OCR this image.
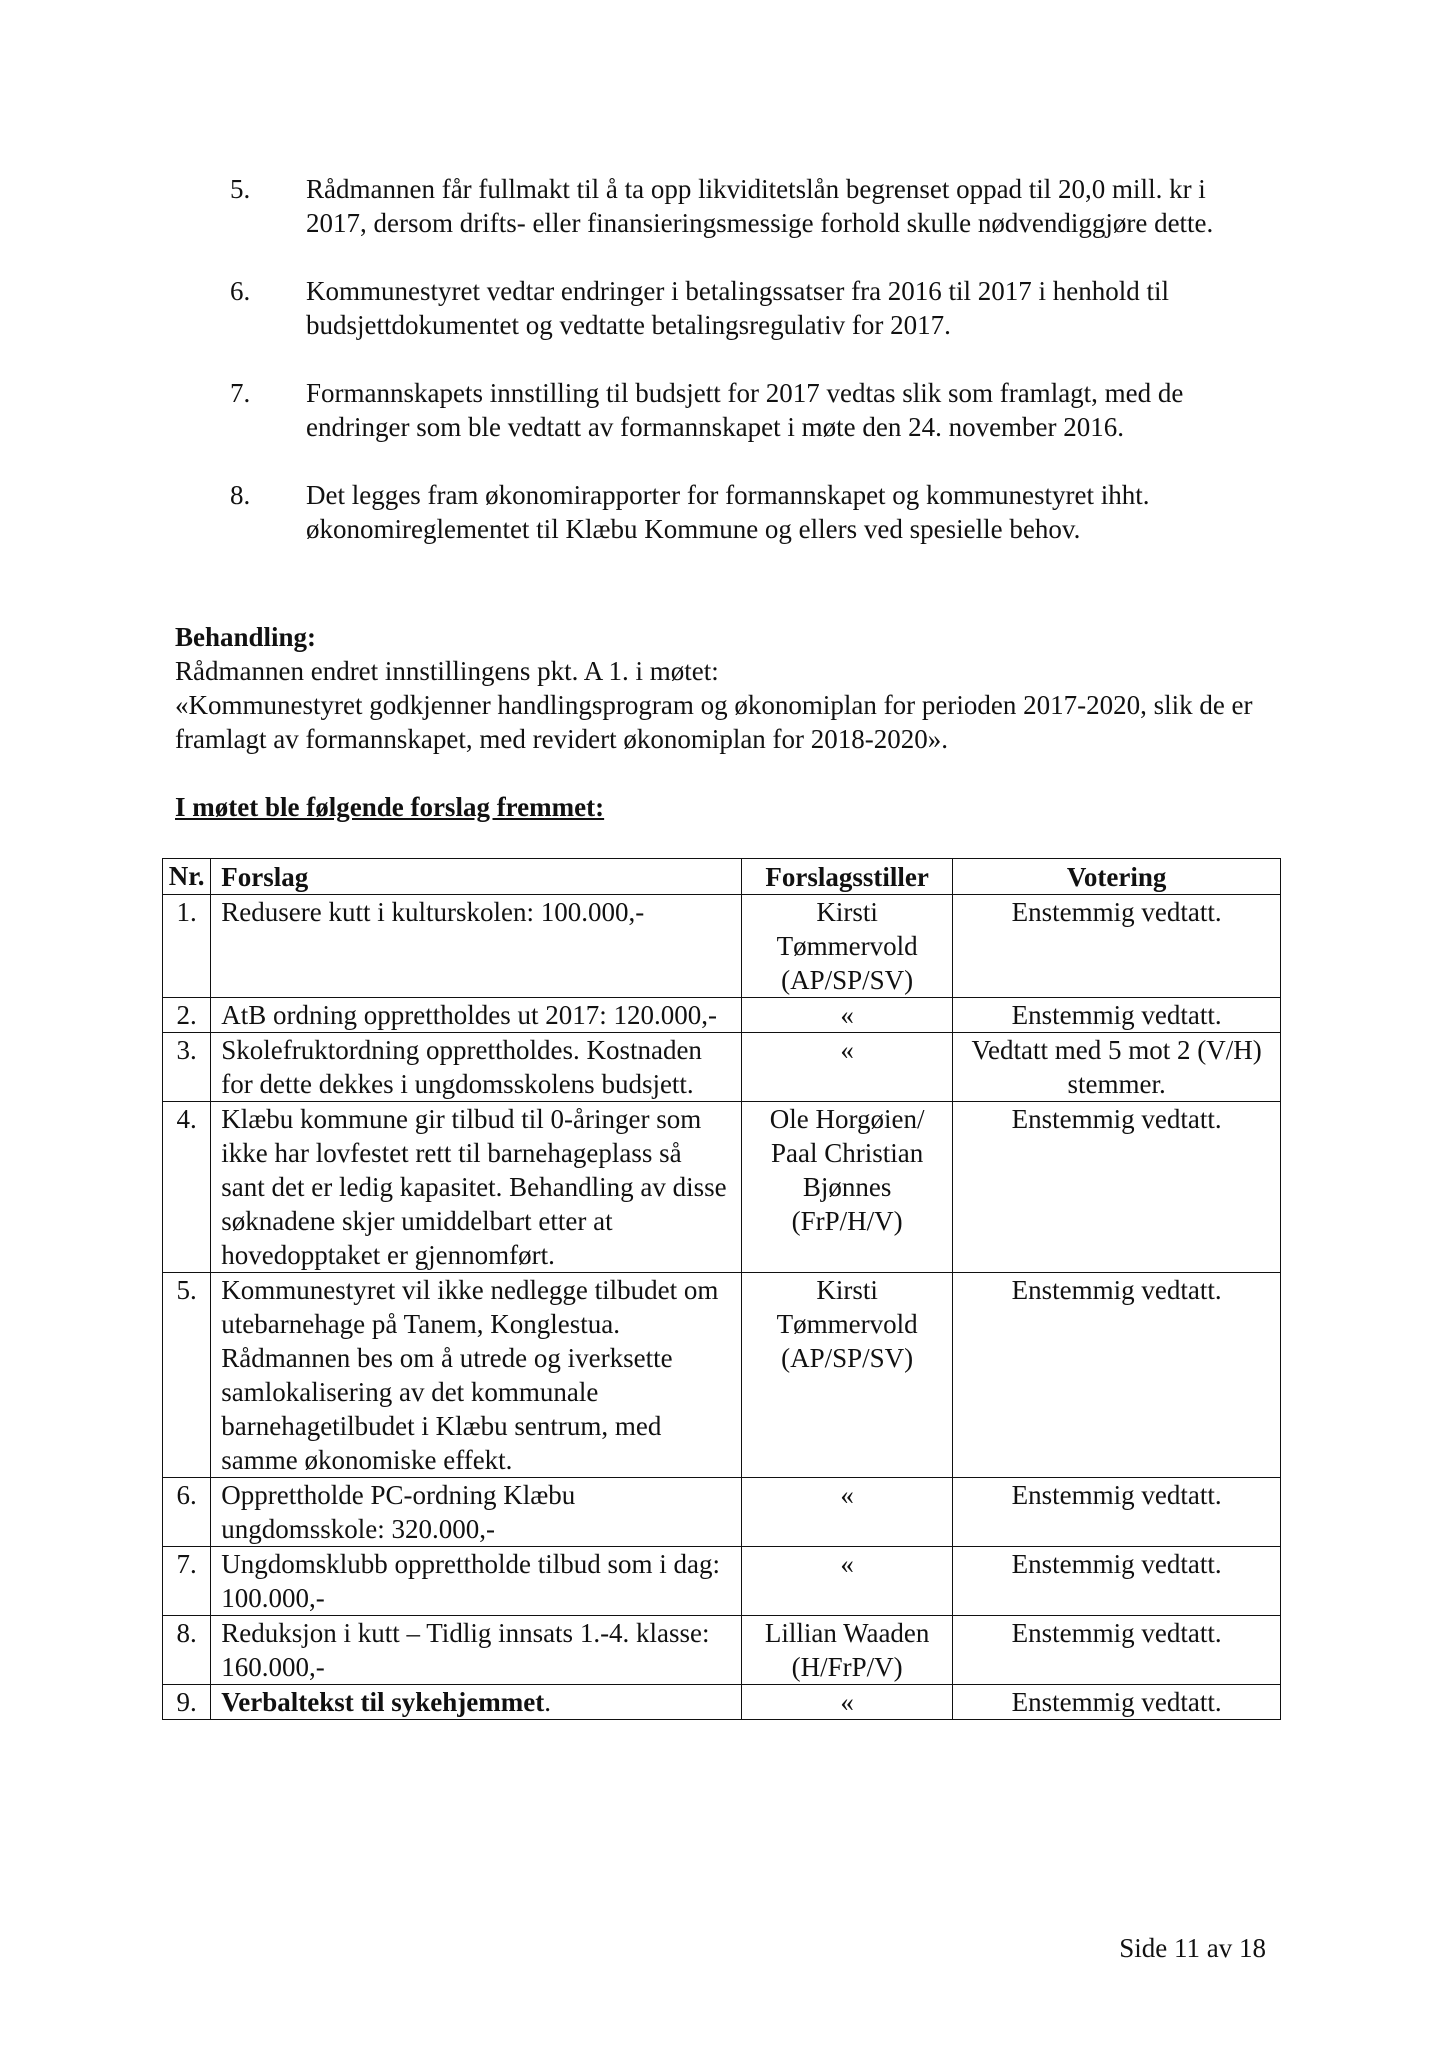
5. Rådmannen får fullmakt til å ta opp likviditetslån begrenset oppad til 20,0 mill. kr i 2017, dersom drifts- eller finansieringsmessige forhold skulle nødvendiggjøre dette.
6. Kommunestyret vedtar endringer i betalingssatser fra 2016 til 2017 i henhold til budsjettdokumentet og vedtatte betalingsregulativ for 2017.
7. Formannskapets innstilling til budsjett for 2017 vedtas slik som framlagt, med de endringer som ble vedtatt av formannskapet i møte den 24. november 2016.
8. Det legges fram økonomirapporter for formannskapet og kommunestyret ihht. økonomireglementet til Klæbu Kommune og ellers ved spesielle behov.
Behandling:
Rådmannen endret innstillingens pkt. A 1. i møtet:
«Kommunestyret godkjenner handlingsprogram og økonomiplan for perioden 2017-2020, slik de er framlagt av formannskapet, med revidert økonomiplan for 2018-2020».
I møtet ble følgende forslag fremmet:
Nr.	Forslag	Forslagsstiller	Votering
1.	Redusere kutt i kulturskolen: 100.000,-	Kirsti Tømmervold (AP/SP/SV)	Enstemmig vedtatt.
2.	AtB ordning opprettholdes ut 2017: 120.000,-	«	Enstemmig vedtatt.
3.	Skolefruktordning opprettholdes. Kostnaden for dette dekkes i ungdomsskolens budsjett.	«	Vedtatt med 5 mot 2 (V/H) stemmer.
4.	Klæbu kommune gir tilbud til 0-åringer som ikke har lovfestet rett til barnehageplass så sant det er ledig kapasitet. Behandling av disse søknadene skjer umiddelbart etter at hovedopptaket er gjennomført.	Ole Horgøien/ Paal Christian Bjønnes (FrP/H/V)	Enstemmig vedtatt.
5.	Kommunestyret vil ikke nedlegge tilbudet om utebarnehage på Tanem, Konglestua. Rådmannen bes om å utrede og iverksette samlokalisering av det kommunale barnehagetilbudet i Klæbu sentrum, med samme økonomiske effekt.	Kirsti Tømmervold (AP/SP/SV)	Enstemmig vedtatt.
6.	Opprettholde PC-ordning Klæbu ungdomsskole: 320.000,-	«	Enstemmig vedtatt.
7.	Ungdomsklubb opprettholde tilbud som i dag: 100.000,-	«	Enstemmig vedtatt.
8.	Reduksjon i kutt – Tidlig innsats 1.-4. klasse: 160.000,-	Lillian Waaden (H/FrP/V)	Enstemmig vedtatt.
9.	Verbaltekst til sykehjemmet.	«	Enstemmig vedtatt.
Side 11 av 18
